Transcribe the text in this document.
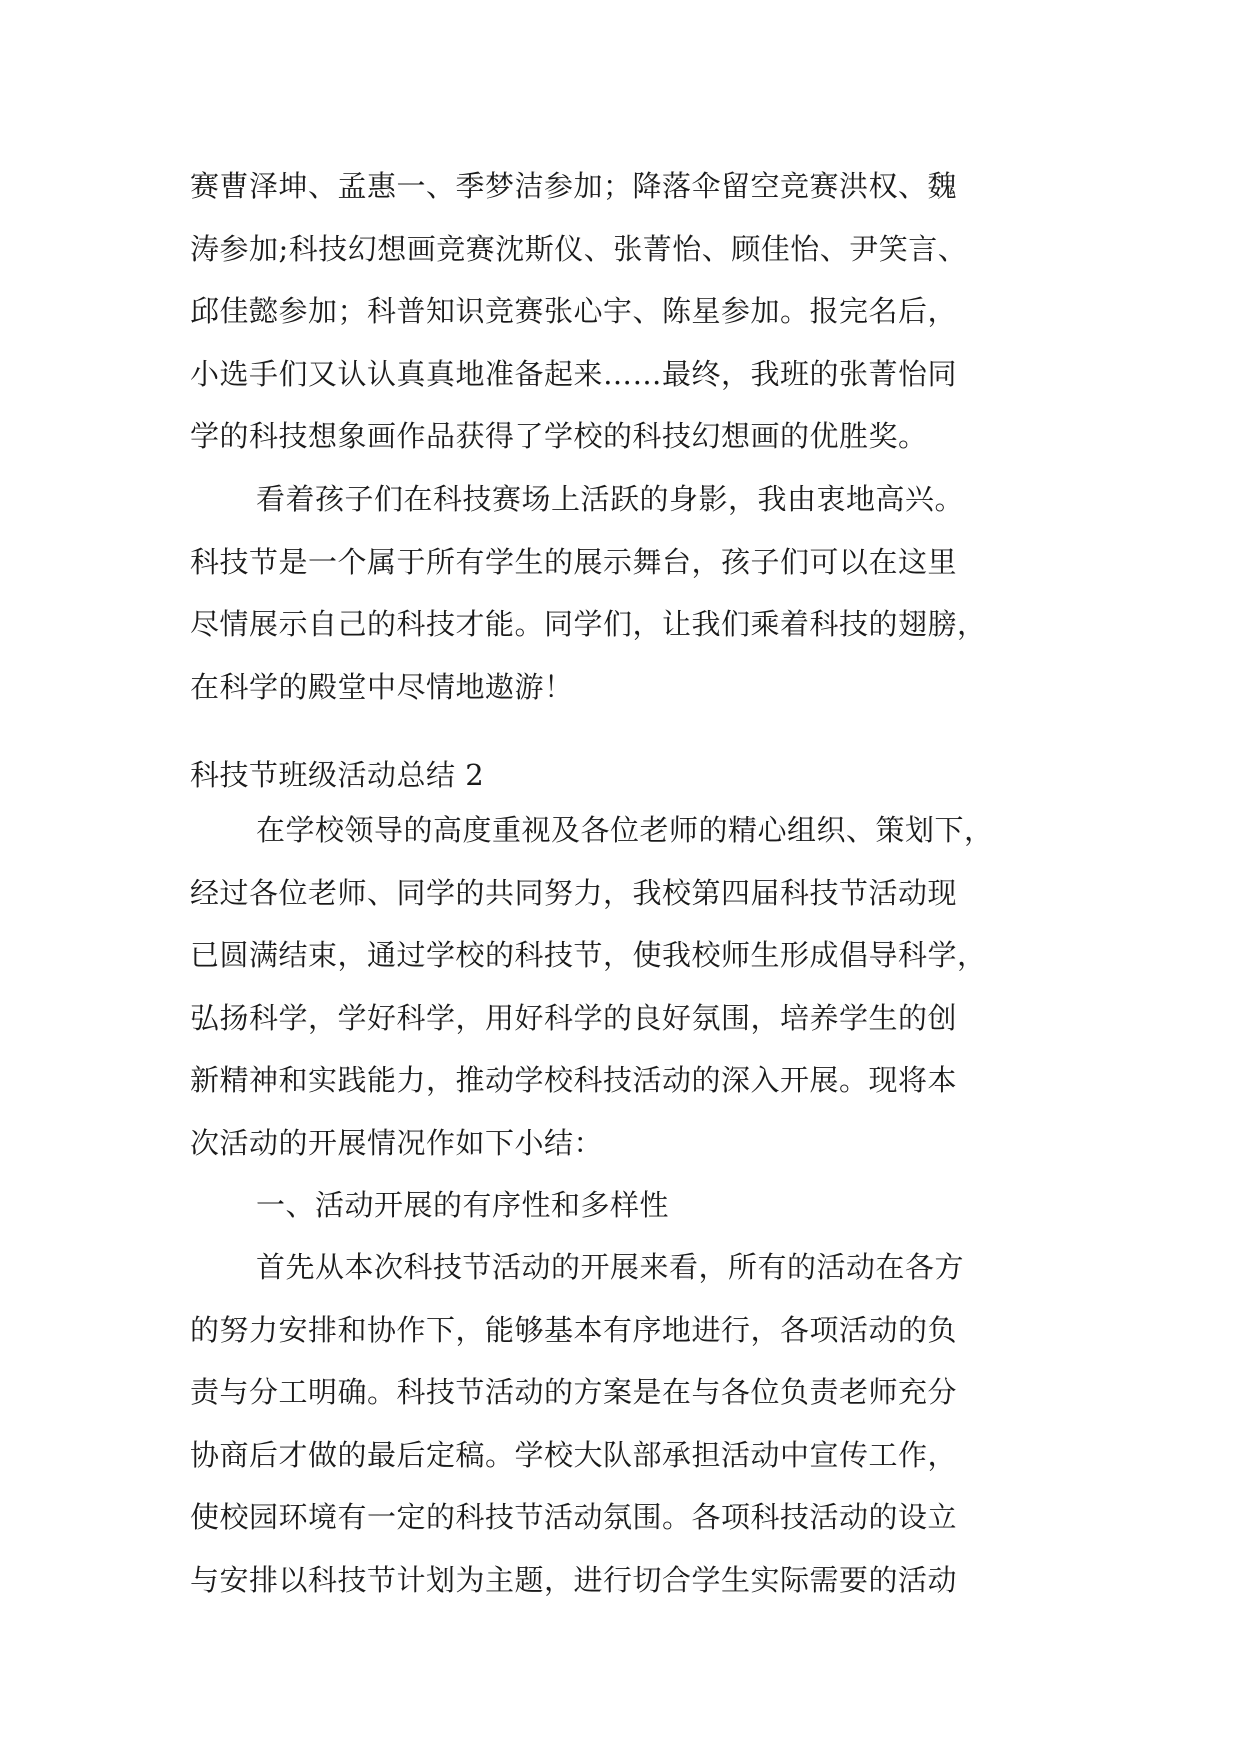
赛曹泽坤、孟惠一、季梦洁参加；降落伞留空竞赛洪权、魏
涛参加;科技幻想画竞赛沈斯仪、张菁怡、顾佳怡、尹笑言、
邱佳懿参加；科普知识竞赛张心宇、陈星参加。报完名后，
小选手们又认认真真地准备起来……最终，我班的张菁怡同
学的科技想象画作品获得了学校的科技幻想画的优胜奖。
看着孩子们在科技赛场上活跃的身影，我由衷地高兴。
科技节是一个属于所有学生的展示舞台，孩子们可以在这里
尽情展示自己的科技才能。同学们，让我们乘着科技的翅膀，
在科学的殿堂中尽情地遨游！
科技节班级活动总结 2
在学校领导的高度重视及各位老师的精心组织、策划下，
经过各位老师、同学的共同努力，我校第四届科技节活动现
已圆满结束，通过学校的科技节，使我校师生形成倡导科学，
弘扬科学，学好科学，用好科学的良好氛围，培养学生的创
新精神和实践能力，推动学校科技活动的深入开展。现将本
次活动的开展情况作如下小结：
一、活动开展的有序性和多样性
首先从本次科技节活动的开展来看，所有的活动在各方
的努力安排和协作下，能够基本有序地进行，各项活动的负
责与分工明确。科技节活动的方案是在与各位负责老师充分
协商后才做的最后定稿。学校大队部承担活动中宣传工作，
使校园环境有一定的科技节活动氛围。各项科技活动的设立
与安排以科技节计划为主题，进行切合学生实际需要的活动
